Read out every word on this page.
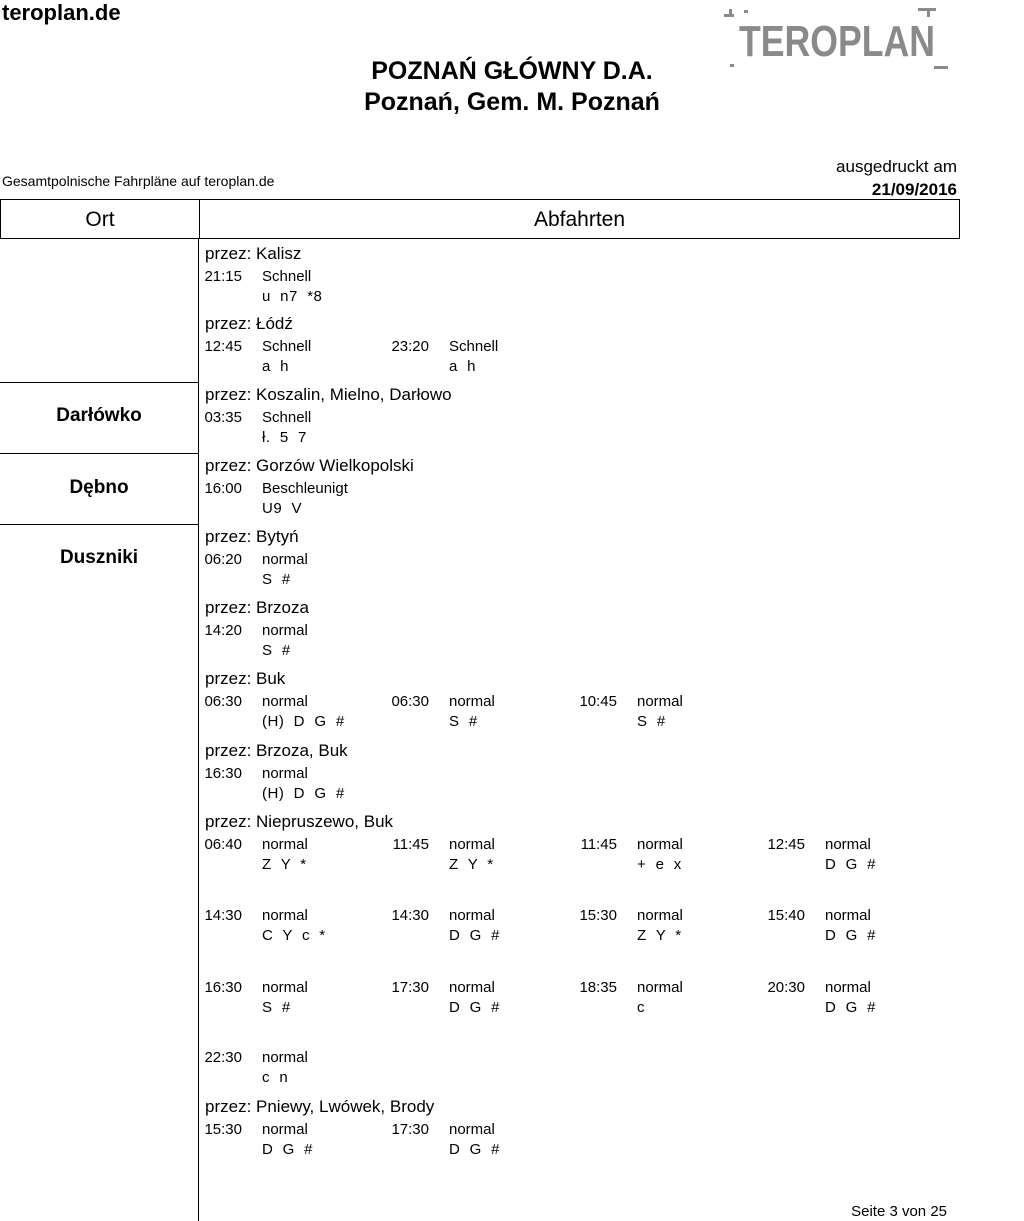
teroplan.de
POZNAŃ GŁÓWNY D.A.
Poznań, Gem. M. Poznań
TEROPLAN
Gesamtpolnische Fahrpläne auf teroplan.de
ausgedruckt am
21/09/2016
Ort	Abfahrten
przez: Kalisz
21:15 Schnell
u  n7  *8
przez: Łódź
12:45 Schnell
a  h
23:20 Schnell
a  h
Darłówko
przez: Koszalin, Mielno, Darłowo
03:35 Schnell
ł.  5  7
Dębno
przez: Gorzów Wielkopolski
16:00 Beschleunigt
U9  V
Duszniki
przez: Bytyń
06:20 normal
S  #
przez: Brzoza
14:20 normal
S  #
przez: Buk
06:30 normal
(H)  D  G  #
06:30 normal
S  #
10:45 normal
S  #
przez: Brzoza, Buk
16:30 normal
(H)  D  G  #
przez: Niepruszewo, Buk
06:40 normal
Z  Y  *
11:45 normal
Z  Y  *
11:45 normal
+  e  x
12:45 normal
D  G  #
14:30 normal
C  Y  c  *
14:30 normal
D  G  #
15:30 normal
Z  Y  *
15:40 normal
D  G  #
16:30 normal
S  #
17:30 normal
D  G  #
18:35 normal
c
20:30 normal
D  G  #
22:30 normal
c  n
przez: Pniewy, Lwówek, Brody
15:30 normal
D  G  #
17:30 normal
D  G  #
Seite 3 von 25
